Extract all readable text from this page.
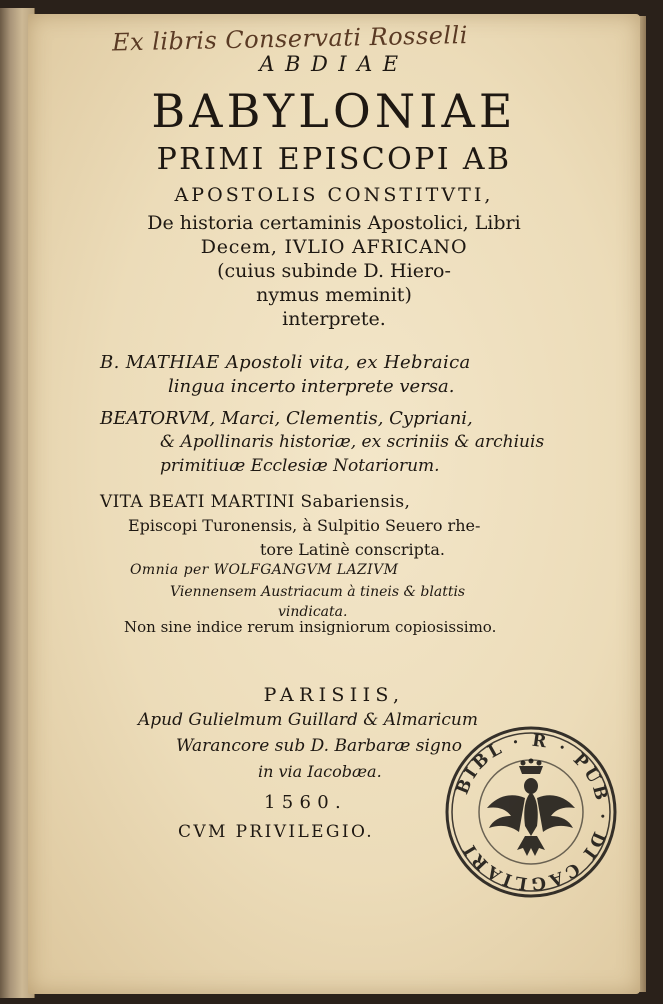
Ex libris Conservati Rosselli
ABDIAE
BABYLONIAE
PRIMI EPISCOPI AB
APOSTOLIS CONSTITVTI,
De historia certaminis Apostolici, Libri
Decem, IVLIO AFRICANO
(cuius subinde D. Hiero-
nymus meminit)
interprete.
B. MATHIAE Apostoli vita, ex Hebraica
lingua incerto interprete versa.
BEATORVM, Marci, Clementis, Cypriani,
& Apollinaris historiæ, ex scriniis & archiuis
primitiuæ Ecclesiæ Notariorum.
VITA BEATI MARTINI Sabariensis,
Episcopi Turonensis, à Sulpitio Seuero rhe-
tore Latinè conscripta.
Omnia per WOLFGANGVM LAZIVM
Viennensem Austriacum à tineis & blattis
vindicata.
Non sine indice rerum insigniorum copiosissimo.
PARISIIS,
Apud Gulielmum Guillard & Almaricum
Warancore sub D. Barbaræ signo
in via Iacobæa.
1560.
CVM PRIVILEGIO.
BIBL · R · PUB · DI CAGLIARI
